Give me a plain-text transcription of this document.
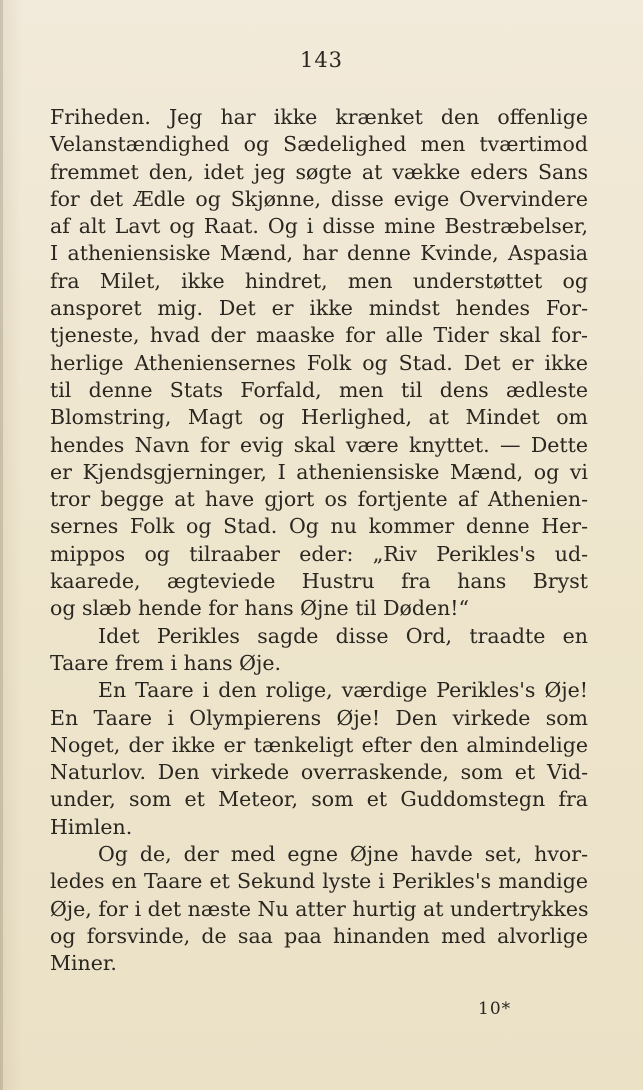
143
Friheden. Jeg har ikke krænket den offenlige
Velanstændighed og Sædelighed men tværtimod
fremmet den, idet jeg søgte at vække eders Sans
for det Ædle og Skjønne, disse evige Overvindere
af alt Lavt og Raat. Og i disse mine Bestræbelser,
I atheniensiske Mænd, har denne Kvinde, Aspasia
fra Milet, ikke hindret, men understøttet og
ansporet mig. Det er ikke mindst hendes For-
tjeneste, hvad der maaske for alle Tider skal for-
herlige Atheniensernes Folk og Stad. Det er ikke
til denne Stats Forfald, men til dens ædleste
Blomstring, Magt og Herlighed, at Mindet om
hendes Navn for evig skal være knyttet. — Dette
er Kjendsgjerninger, I atheniensiske Mænd, og vi
tror begge at have gjort os fortjente af Athenien-
sernes Folk og Stad. Og nu kommer denne Her-
mippos og tilraaber eder: „Riv Perikles's ud-
kaarede, ægteviede Hustru fra hans Bryst
og slæb hende for hans Øjne til Døden!“
Idet Perikles sagde disse Ord, traadte en
Taare frem i hans Øje.
En Taare i den rolige, værdige Perikles's Øje!
En Taare i Olympierens Øje! Den virkede som
Noget, der ikke er tænkeligt efter den almindelige
Naturlov. Den virkede overraskende, som et Vid-
under, som et Meteor, som et Guddomstegn fra
Himlen.
Og de, der med egne Øjne havde set, hvor-
ledes en Taare et Sekund lyste i Perikles's mandige
Øje, for i det næste Nu atter hurtig at undertrykkes
og forsvinde, de saa paa hinanden med alvorlige
Miner.
10*
